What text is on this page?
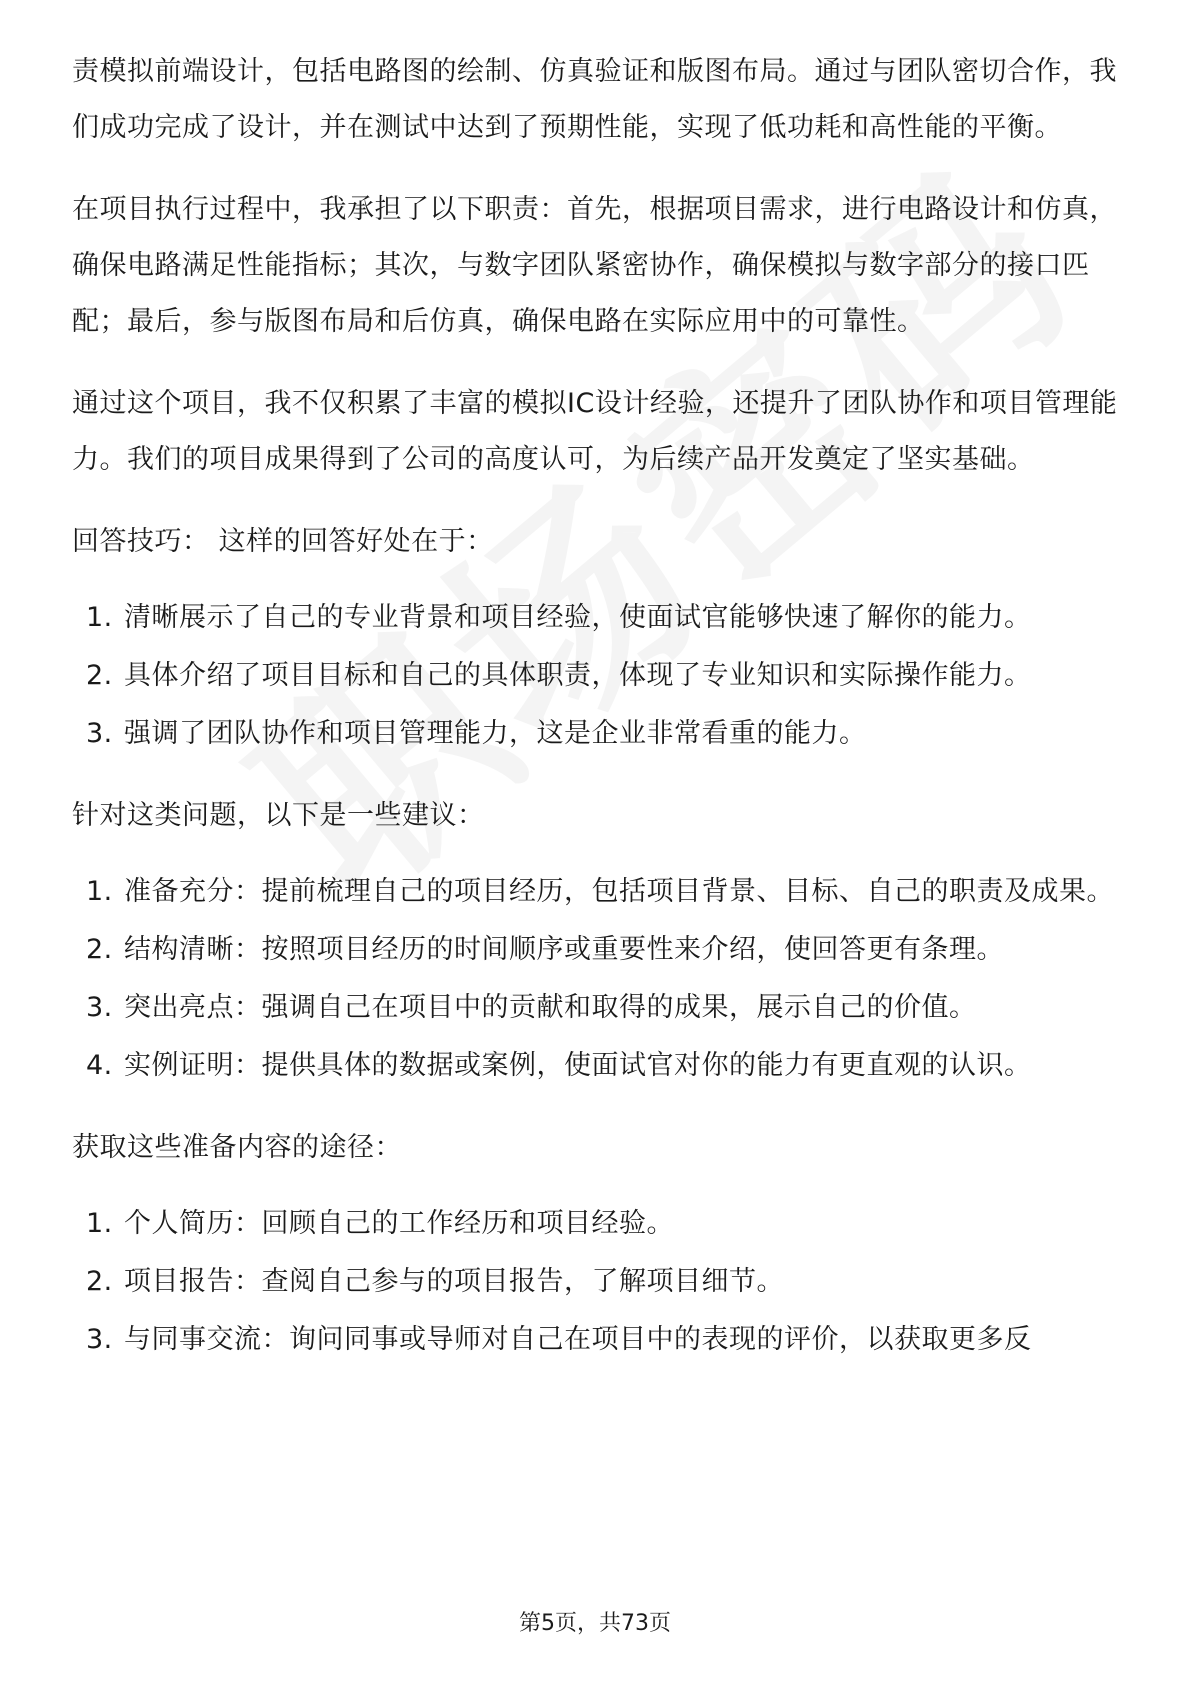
责模拟前端设计，包括电路图的绘制、仿真验证和版图布局。通过与团队密切合作，我们成功完成了设计，并在测试中达到了预期性能，实现了低功耗和高性能的平衡。

在项目执行过程中，我承担了以下职责：首先，根据项目需求，进行电路设计和仿真，确保电路满足性能指标；其次，与数字团队紧密协作，确保模拟与数字部分的接口匹配；最后，参与版图布局和后仿真，确保电路在实际应用中的可靠性。

通过这个项目，我不仅积累了丰富的模拟IC设计经验，还提升了团队协作和项目管理能力。我们的项目成果得到了公司的高度认可，为后续产品开发奠定了坚实基础。

回答技巧： 这样的回答好处在于：

1. 清晰展示了自己的专业背景和项目经验，使面试官能够快速了解你的能力。
2. 具体介绍了项目目标和自己的具体职责，体现了专业知识和实际操作能力。
3. 强调了团队协作和项目管理能力，这是企业非常看重的能力。

针对这类问题，以下是一些建议：

1. 准备充分：提前梳理自己的项目经历，包括项目背景、目标、自己的职责及成果。
2. 结构清晰：按照项目经历的时间顺序或重要性来介绍，使回答更有条理。
3. 突出亮点：强调自己在项目中的贡献和取得的成果，展示自己的价值。
4. 实例证明：提供具体的数据或案例，使面试官对你的能力有更直观的认识。

获取这些准备内容的途径：

1. 个人简历：回顾自己的工作经历和项目经验。
2. 项目报告：查阅自己参与的项目报告，了解项目细节。
3. 与同事交流：询问同事或导师对自己在项目中的表现的评价，以获取更多反
第5页，共73页
